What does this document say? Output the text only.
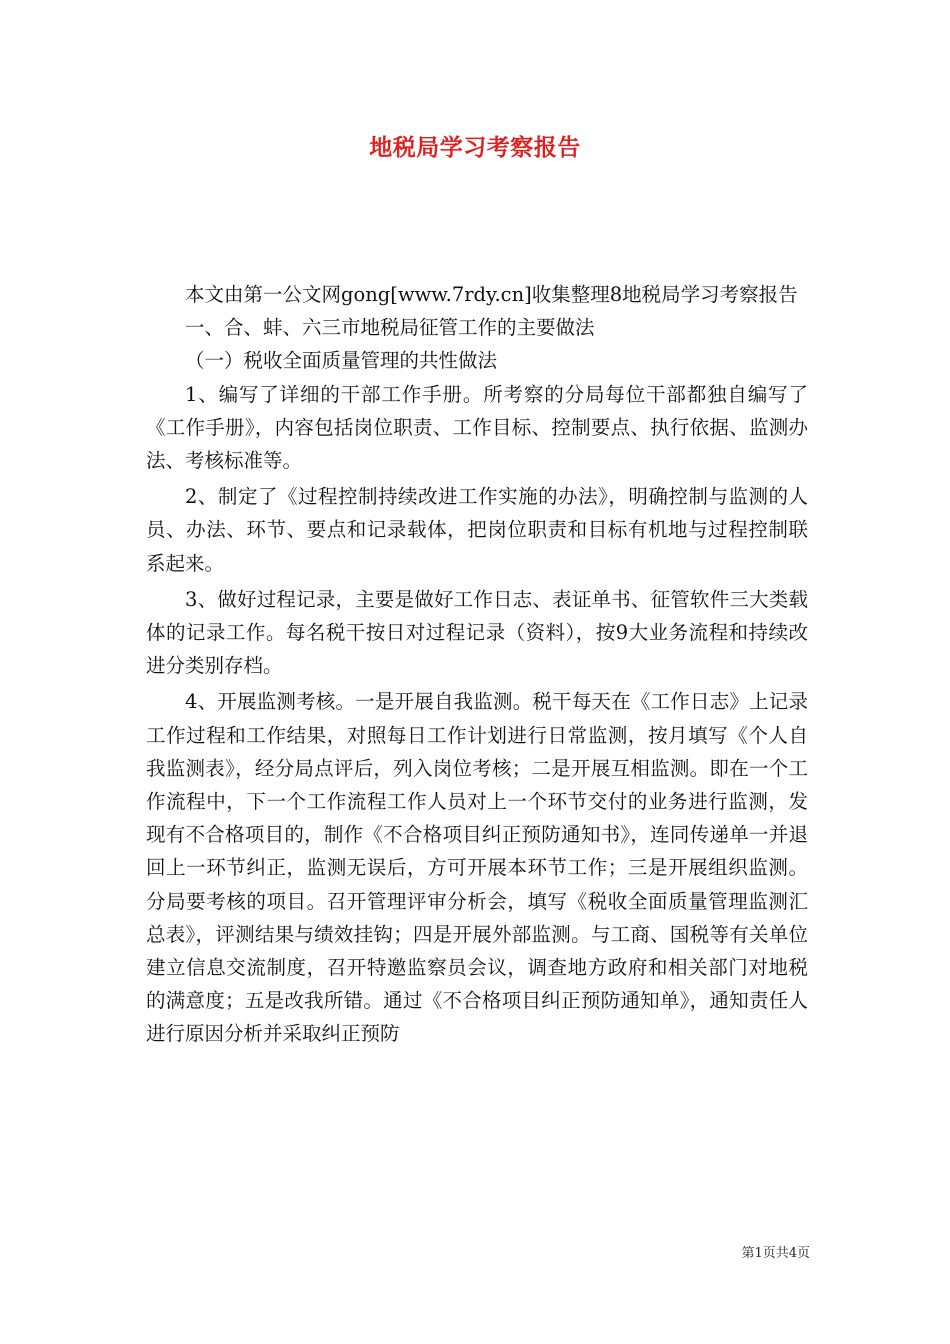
地税局学习考察报告

本文由第一公文网gong[www.7rdy.cn]收集整理8地税局学习考察报告

一、合、蚌、六三市地税局征管工作的主要做法

（一）税收全面质量管理的共性做法

1、编写了详细的干部工作手册。所考察的分局每位干部都独自编写了《工作手册》，内容包括岗位职责、工作目标、控制要点、执行依据、监测办法、考核标准等。

2、制定了《过程控制持续改进工作实施的办法》，明确控制与监测的人员、办法、环节、要点和记录载体，把岗位职责和目标有机地与过程控制联系起来。

3、做好过程记录，主要是做好工作日志、表证单书、征管软件三大类载体的记录工作。每名税干按日对过程记录（资料），按9大业务流程和持续改进分类别存档。

4、开展监测考核。一是开展自我监测。税干每天在《工作日志》上记录工作过程和工作结果，对照每日工作计划进行日常监测，按月填写《个人自我监测表》，经分局点评后，列入岗位考核；二是开展互相监测。即在一个工作流程中，下一个工作流程工作人员对上一个环节交付的业务进行监测，发现有不合格项目的，制作《不合格项目纠正预防通知书》，连同传递单一并退回上一环节纠正，监测无误后，方可开展本环节工作；三是开展组织监测。分局要考核的项目。召开管理评审分析会，填写《税收全面质量管理监测汇总表》，评测结果与绩效挂钩；四是开展外部监测。与工商、国税等有关单位建立信息交流制度，召开特邀监察员会议，调查地方政府和相关部门对地税的满意度；五是改我所错。通过《不合格项目纠正预防通知单》，通知责任人进行原因分析并采取纠正预防

第1页共4页
